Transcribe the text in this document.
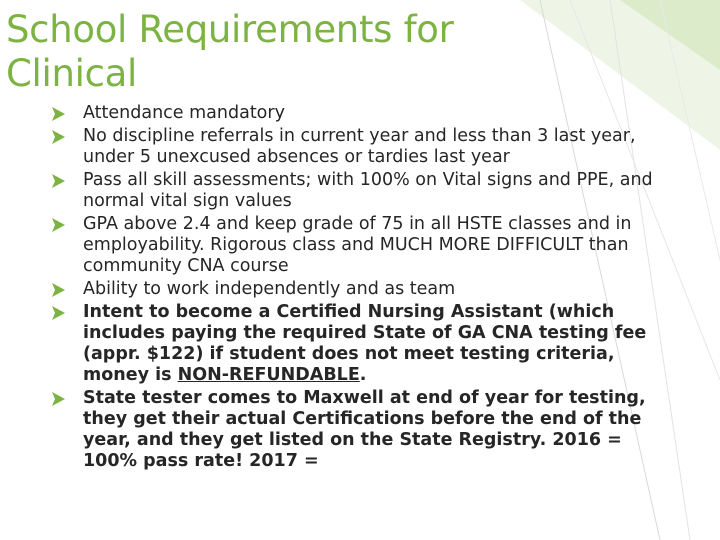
School Requirements for
Clinical
Attendance mandatory
No discipline referrals in current year and less than 3 last year, under 5 unexcused absences or tardies last year
Pass all skill assessments; with 100% on Vital signs and PPE, and normal vital sign values
GPA above 2.4 and keep grade of 75 in all HSTE classes and in employability. Rigorous class and MUCH MORE DIFFICULT than community CNA course
Ability to work independently and as team
Intent to become a Certified Nursing Assistant (which includes paying the required State of GA CNA testing fee (appr. $122) if student does not meet testing criteria, money is NON-REFUNDABLE.
State tester comes to Maxwell at end of year for testing, they get their actual Certifications before the end of the year, and they get listed on the State Registry. 2016 = 100% pass rate! 2017 =
